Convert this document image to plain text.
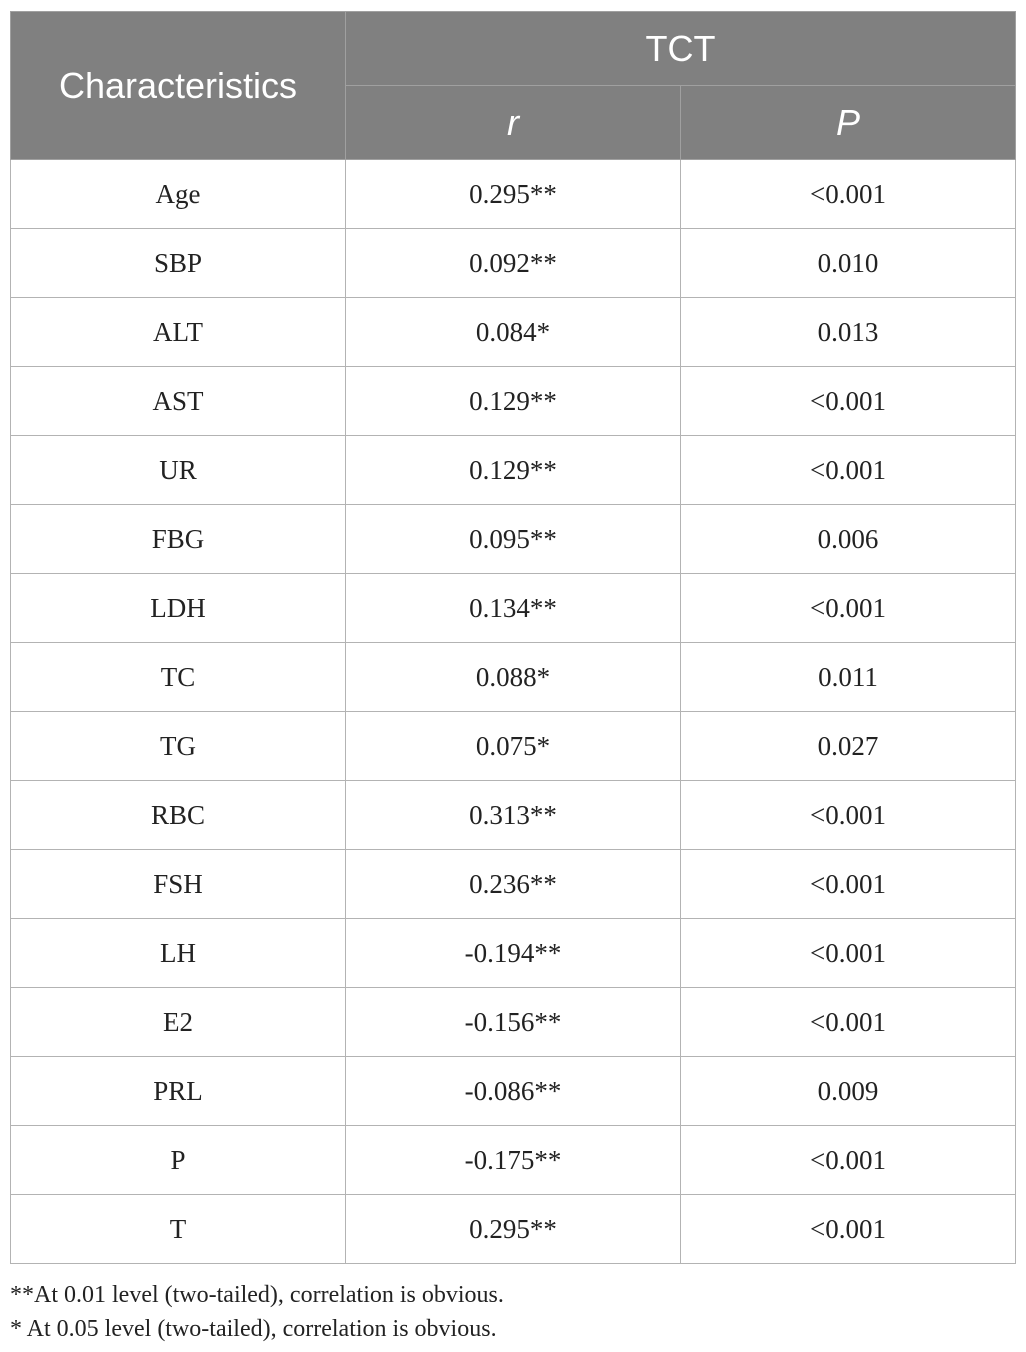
Characteristics	TCT	
	r	P
Age	0.295**	<0.001
SBP	0.092**	0.010
ALT	0.084*	0.013
AST	0.129**	<0.001
UR	0.129**	<0.001
FBG	0.095**	0.006
LDH	0.134**	<0.001
TC	0.088*	0.011
TG	0.075*	0.027
RBC	0.313**	<0.001
FSH	0.236**	<0.001
LH	-0.194**	<0.001
E2	-0.156**	<0.001
PRL	-0.086**	0.009
P	-0.175**	<0.001
T	0.295**	<0.001
**At 0.01 level (two-tailed), correlation is obvious.
* At 0.05 level (two-tailed), correlation is obvious.
